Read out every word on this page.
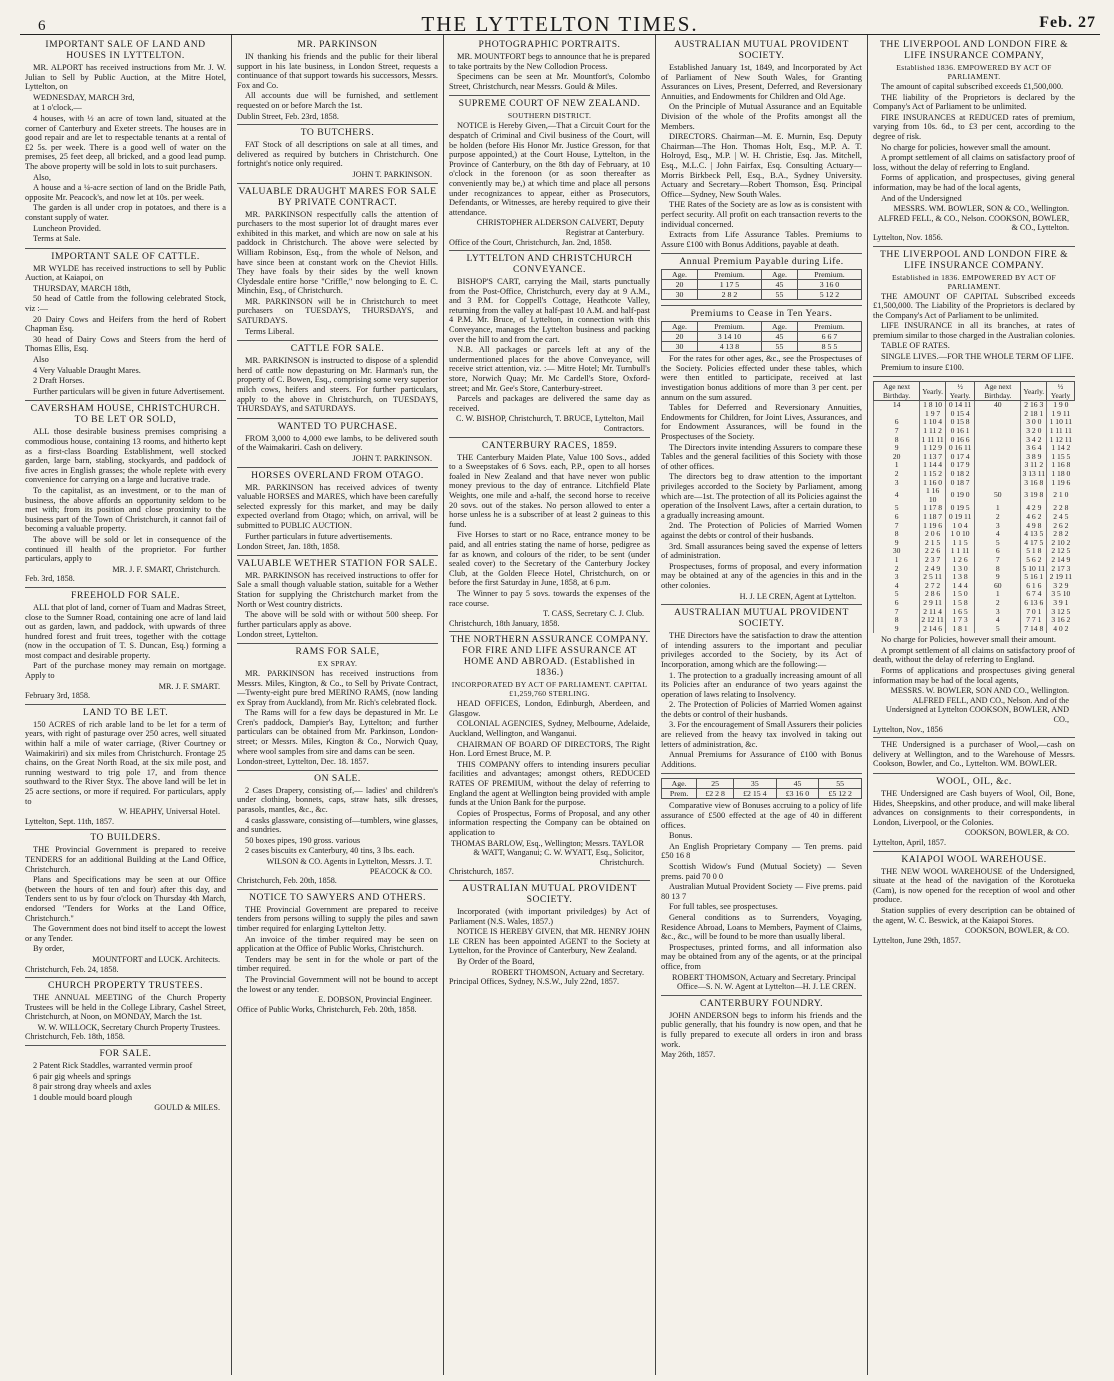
6	THE LYTTELTON TIMES.	Feb. 27
IMPORTANT SALE OF LAND AND HOUSES IN LYTTELTON.

MR. ALPORT has received instructions from Mr. J. W. Julian to Sell by Public Auction, at the Mitre Hotel, Lyttelton, on

WEDNESDAY, MARCH 3rd,

at 1 o'clock,—

4 houses, with ½ an acre of town land, situated at the corner of Canterbury and Exeter streets. The houses are in good repair and are let to respectable tenants at a rental of £2 5s. per week. There is a good well of water on the premises, 25 feet deep, all bricked, and a good lead pump. The above property will be sold in lots to suit purchasers.

Also,

A house and a ¼-acre section of land on the Bridle Path, opposite Mr. Peacock's, and now let at 10s. per week.

The garden is all under crop in potatoes, and there is a constant supply of water.

Luncheon Provided.

Terms at Sale.

IMPORTANT SALE OF CATTLE.

MR WYLDE has received instructions to sell by Public Auction, at Kaiapoi, on

THURSDAY, MARCH 18th,

50 head of Cattle from the following celebrated Stock, viz :—

20 Dairy Cows and Heifers from the herd of Robert Chapman Esq.

30 head of Dairy Cows and Steers from the herd of Thomas Ellis, Esq.

Also

4 Very Valuable Draught Mares.

2 Draft Horses.

Further particulars will be given in future Advertisement.

CAVERSHAM HOUSE, CHRISTCHURCH. TO BE LET OR SOLD,

ALL those desirable business premises comprising a commodious house, containing 13 rooms, and hitherto kept as a first-class Boarding Establishment, well stocked garden, large barn, stabling, stockyards, and paddock of five acres in English grasses; the whole replete with every convenience for carrying on a large and lucrative trade.

To the capitalist, as an investment, or to the man of business, the above affords an opportunity seldom to be met with; from its position and close proximity to the business part of the Town of Christchurch, it cannot fail of becoming a valuable property.

The above will be sold or let in consequence of the continued ill health of the proprietor. For further particulars, apply to

MR. J. F. SMART, Christchurch.
Feb. 3rd, 1858.
FREEHOLD FOR SALE.

ALL that plot of land, corner of Tuam and Madras Street, close to the Sumner Road, containing one acre of land laid out as garden, lawn, and paddock, with upwards of three hundred forest and fruit trees, together with the cottage (now in the occupation of T. S. Duncan, Esq.) forming a most compact and desirable property.

Part of the purchase money may remain on mortgage. Apply to

MR. J. F. SMART.
February 3rd, 1858.
LAND TO BE LET.

150 ACRES of rich arable land to be let for a term of years, with right of pasturage over 250 acres, well situated within half a mile of water carriage, (River Courtney or Waimakiriri) and six miles from Christchurch. Frontage 25 chains, on the Great North Road, at the six mile post, and running westward to trig pole 17, and from thence southward to the River Styx. The above land will be let in 25 acre sections, or more if required. For particulars, apply to

W. HEAPHY, Universal Hotel.
Lyttelton, Sept. 11th, 1857.
TO BUILDERS.

THE Provincial Government is prepared to receive TENDERS for an additional Building at the Land Office, Christchurch.

Plans and Specifications may be seen at our Office (between the hours of ten and four) after this day, and Tenders sent to us by four o'clock on Thursday 4th March, endorsed "Tenders for Works at the Land Office, Christchurch."

The Government does not bind itself to accept the lowest or any Tender.

By order,

MOUNTFORT and LUCK. Architects.
Christchurch, Feb. 24, 1858.
CHURCH PROPERTY TRUSTEES.

THE ANNUAL MEETING of the Church Property Trustees will be held in the College Library, Cashel Street, Christchurch, at Noon, on MONDAY, March the 1st.

W. W. WILLOCK, Secretary Church Property Trustees.
Christchurch, Feb. 18th, 1858.
FOR SALE.

2 Patent Rick Staddles, warranted vermin proof

6 pair gig wheels and springs

8 pair strong dray wheels and axles

1 double mould board plough

GOULD & MILES.
MR. PARKINSON

IN thanking his friends and the public for their liberal support in his late business, in London Street, requests a continuance of that support towards his successors, Messrs. Fox and Co.

All accounts due will be furnished, and settlement requested on or before March the 1st.

Dublin Street, Feb. 23rd, 1858.
TO BUTCHERS.

FAT Stock of all descriptions on sale at all times, and delivered as required by butchers in Christchurch. One fortnight's notice only required.

JOHN T. PARKINSON.
VALUABLE DRAUGHT MARES FOR SALE BY PRIVATE CONTRACT.

MR. PARKINSON respectfully calls the attention of purchasers to the most superior lot of draught mares ever exhibited in this market, and which are now on sale at his paddock in Christchurch. The above were selected by William Robinson, Esq., from the whole of Nelson, and have since been at constant work on the Cheviot Hills. They have foals by their sides by the well known Clydesdale entire horse "Criffle," now belonging to E. C. Minchin, Esq., of Christchurch.

MR. PARKINSON will be in Christchurch to meet purchasers on TUESDAYS, THURSDAYS, and SATURDAYS.

Terms Liberal.

CATTLE FOR SALE.

MR. PARKINSON is instructed to dispose of a splendid herd of cattle now depasturing on Mr. Harman's run, the property of C. Bowen, Esq., comprising some very superior milch cows, heifers and steers. For further particulars, apply to the above in Christchurch, on TUESDAYS, THURSDAYS, and SATURDAYS.

WANTED TO PURCHASE.

FROM 3,000 to 4,000 ewe lambs, to be delivered south of the Waimakariri. Cash on delivery.

JOHN T. PARKINSON.
HORSES OVERLAND FROM OTAGO.

MR. PARKINSON has received advices of twenty valuable HORSES and MARES, which have been carefully selected expressly for this market, and may be daily expected overland from Otago; which, on arrival, will be submitted to PUBLIC AUCTION.

Further particulars in future advertisements.

London Street, Jan. 18th, 1858.
VALUABLE WETHER STATION FOR SALE.

MR. PARKINSON has received instructions to offer for Sale a small though valuable station, suitable for a Wether Station for supplying the Christchurch market from the North or West country districts.

The above will be sold with or without 500 sheep. For further particulars apply as above.

London street, Lyttelton.
RAMS FOR SALE,
EX SPRAY.

MR. PARKINSON has received instructions from Messrs. Miles, Kington, & Co., to Sell by Private Contract, —Twenty-eight pure bred MERINO RAMS, (now landing ex Spray from Auckland), from Mr. Rich's celebrated flock.

The Rams will for a few days be depastured in Mr. Le Cren's paddock, Dampier's Bay, Lyttelton; and further particulars can be obtained from Mr. Parkinson, London-street; or Messrs. Miles, Kington & Co., Norwich Quay, where wool samples from sire and dams can be seen.

London-street, Lyttelton, Dec. 18. 1857.
ON SALE.

2 Cases Drapery, consisting of,— ladies' and children's under clothing, bonnets, caps, straw hats, silk dresses, parasols, mantles, &c., &c.

4 casks glassware, consisting of—tumblers, wine glasses, and sundries.

50 boxes pipes, 190 gross. various

2 cases biscuits ex Canterbury, 40 tins, 3 lbs. each.

WILSON & CO. Agents in Lyttelton, Messrs. J. T. PEACOCK & CO.
Christchurch, Feb. 20th, 1858.
NOTICE TO SAWYERS AND OTHERS.

THE Provincial Government are prepared to receive tenders from persons willing to supply the piles and sawn timber required for enlarging Lyttelton Jetty.

An invoice of the timber required may be seen on application at the Office of Public Works, Christchurch.

Tenders may be sent in for the whole or part of the timber required.

The Provincial Government will not be bound to accept the lowest or any tender.

E. DOBSON, Provincial Engineer.
Office of Public Works, Christchurch, Feb. 20th, 1858.
PHOTOGRAPHIC PORTRAITS.

MR. MOUNTFORT begs to announce that he is prepared to take portraits by the New Collodion Process.

Specimens can be seen at Mr. Mountfort's, Colombo Street, Christchurch, near Messrs. Gould & Miles.

SUPREME COURT OF NEW ZEALAND.
SOUTHERN DISTRICT.

NOTICE is Hereby Given,—That a Circuit Court for the despatch of Criminal and Civil business of the Court, will be holden (before His Honor Mr. Justice Gresson, for that purpose appointed,) at the Court House, Lyttelton, in the Province of Canterbury, on the 8th day of February, at 10 o'clock in the forenoon (or as soon thereafter as conveniently may be,) at which time and place all persons under recognizances to appear, either as Prosecutors, Defendants, or Witnesses, are hereby required to give their attendance.

CHRISTOPHER ALDERSON CALVERT, Deputy Registrar at Canterbury.
Office of the Court, Christchurch, Jan. 2nd, 1858.
LYTTELTON AND CHRISTCHURCH CONVEYANCE.

BISHOP'S CART, carrying the Mail, starts punctually from the Post-Office, Christchurch, every day at 9 A.M., and 3 P.M. for Coppell's Cottage, Heathcote Valley, returning from the valley at half-past 10 A.M. and half-past 4 P.M. Mr. Bruce, of Lyttelton, in connection with this Conveyance, manages the Lyttelton business and packing over the hill to and from the cart.

N.B. All packages or parcels left at any of the undermentioned places for the above Conveyance, will receive strict attention, viz. :— Mitre Hotel; Mr. Turnbull's store, Norwich Quay; Mr. Mc Cardell's Store, Oxford-street; and Mr. Gee's Store, Canterbury-street.

Parcels and packages are delivered the same day as received.

C. W. BISHOP, Christchurch, T. BRUCE, Lyttelton, Mail Contractors.
CANTERBURY RACES, 1859.

THE Canterbury Maiden Plate, Value 100 Sovs., added to a Sweepstakes of 6 Sovs. each, P.P., open to all horses foaled in New Zealand and that have never won public money previous to the day of entrance. Litchfield Plate Weights, one mile and a-half, the second horse to receive 20 sovs. out of the stakes. No person allowed to enter a horse unless he is a subscriber of at least 2 guineas to this fund.

Five Horses to start or no Race, entrance money to be paid, and all entries stating the name of horse, pedigree as far as known, and colours of the rider, to be sent (under sealed cover) to the Secretary of the Canterbury Jockey Club, at the Golden Fleece Hotel, Christchurch, on or before the first Saturday in June, 1858, at 6 p.m.

The Winner to pay 5 sovs. towards the expenses of the race course.

T. CASS, Secretary C. J. Club.
Christchurch, 18th January, 1858.
THE NORTHERN ASSURANCE COMPANY. FOR FIRE AND LIFE ASSURANCE AT HOME AND ABROAD. (Established in 1836.)
INCORPORATED BY ACT OF PARLIAMENT. CAPITAL £1,259,760 STERLING.

HEAD OFFICES, London, Edinburgh, Aberdeen, and Glasgow.

COLONIAL AGENCIES, Sydney, Melbourne, Adelaide, Auckland, Wellington, and Wanganui.

CHAIRMAN OF BOARD OF DIRECTORS, The Right Hon. Lord Ernest Bruce, M. P.

THIS COMPANY offers to intending insurers peculiar facilities and advantages; amongst others, REDUCED RATES OF PREMIUM, without the delay of referring to England the agent at Wellington being provided with ample funds at the Union Bank for the purpose.

Copies of Prospectus, Forms of Proposal, and any other information respecting the Company can be obtained on application to

THOMAS BARLOW, Esq., Wellington; Messrs. TAYLOR & WATT, Wanganui; C. W. WYATT, Esq., Solicitor, Christchurch.
Christchurch, 1857.
AUSTRALIAN MUTUAL PROVIDENT SOCIETY.

Incorporated (with important priviledges) by Act of Parliament (N.S. Wales, 1857.)

NOTICE IS HEREBY GIVEN, that MR. HENRY JOHN LE CREN has been appointed AGENT to the Society at Lyttelton, for the Province of Canterbury, New Zealand.

By Order of the Board,

ROBERT THOMSON, Actuary and Secretary.
Principal Offices, Sydney, N.S.W., July 22nd, 1857.
AUSTRALIAN MUTUAL PROVIDENT SOCIETY.

Established January 1st, 1849, and Incorporated by Act of Parliament of New South Wales, for Granting Assurances on Lives, Present, Deferred, and Reversionary Annuities, and Endowments for Children and Old Age.

On the Principle of Mutual Assurance and an Equitable Division of the whole of the Profits amongst all the Members.

DIRECTORS. Chairman—M. E. Murnin, Esq. Deputy Chairman—The Hon. Thomas Holt, Esq., M.P. A. T. Holroyd, Esq., M.P. | W. H. Christie, Esq. Jas. Mitchell, Esq., M.L.C. | John Fairfax, Esq. Consulting Actuary—Morris Birkbeck Pell, Esq., B.A., Sydney University. Actuary and Secretary—Robert Thomson, Esq. Principal Office—Sydney, New South Wales.

THE Rates of the Society are as low as is consistent with perfect security. All profit on each transaction reverts to the individual concerned.

Extracts from Life Assurance Tables. Premiums to Assure £100 with Bonus Additions, payable at death.

Annual Premium Payable during Life.
Age.	Premium.	Age.	Premium.
20	1 17 5	45	3 16 0
30	2 8 2	55	5 12 2
Premiums to Cease in Ten Years.
Age.	Premium.	Age.	Premium.
20	3 14 10	45	6 6 7
30	4 13 8	55	8 5 5

For the rates for other ages, &c., see the Prospectuses of the Society. Policies effected under these tables, which were then entitled to participate, received at last investigation bonus additions of more than 3 per cent. per annum on the sum assured.

Tables for Deferred and Reversionary Annuities, Endowments for Children, for Joint Lives, Assurances, and for Endowment Assurances, will be found in the Prospectuses of the Society.

The Directors invite intending Assurers to compare these Tables and the general facilities of this Society with those of other offices.

The directors beg to draw attention to the important privileges accorded to the Society by Parliament, among which are—1st. The protection of all its Policies against the operation of the Insolvent Laws, after a certain duration, to a gradually increasing amount.

2nd. The Protection of Policies of Married Women against the debts or control of their husbands.

3rd. Small assurances being saved the expense of letters of administration.

Prospectuses, forms of proposal, and every information may be obtained at any of the agencies in this and in the other colonies.

H. J. LE CREN, Agent at Lyttelton.
AUSTRALIAN MUTUAL PROVIDENT SOCIETY.

THE Directors have the satisfaction to draw the attention of intending assurers to the important and peculiar privileges accorded to the Society, by its Act of Incorporation, among which are the following:—

1. The protection to a gradually increasing amount of all its Policies after an endurance of two years against the operation of laws relating to Insolvency.

2. The Protection of Policies of Married Women against the debts or control of their husbands.

3. For the encouragement of Small Assurers their policies are relieved from the heavy tax involved in taking out letters of administration, &c.

Annual Premiums for Assurance of £100 with Bonus Additions.

Age.	25	35	45	55
Prem.	£2 2 8	£2 15 4	£3 16 0	£5 12 2

Comparative view of Bonuses accruing to a policy of life assurance of £500 effected at the age of 40 in different offices.

Bonus.

An English Proprietary Company — Ten prems. paid £50 16 8

Scottish Widow's Fund (Mutual Society) — Seven prems. paid 70 0 0

Australian Mutual Provident Society — Five prems. paid 80 13 7

For full tables, see prospectuses.

General conditions as to Surrenders, Voyaging, Residence Abroad, Loans to Members, Payment of Claims, &c., &c., will be found to be more than usually liberal.

Prospectuses, printed forms, and all information also may be obtained from any of the agents, or at the principal office, from

ROBERT THOMSON, Actuary and Secretary. Principal Office—S. N. W. Agent at Lyttelton—H. J. LE CREN.
CANTERBURY FOUNDRY.

JOHN ANDERSON begs to inform his friends and the public generally, that his foundry is now open, and that he is fully prepared to execute all orders in iron and brass work.

May 26th, 1857.
THE LIVERPOOL AND LONDON FIRE & LIFE INSURANCE COMPANY,
Established 1836. EMPOWERED BY ACT OF PARLIAMENT.

The amount of capital subscribed exceeds £1,500,000.

THE liability of the Proprietors is declared by the Company's Act of Parliament to be unlimited.

FIRE INSURANCES at REDUCED rates of premium, varying from 10s. 6d., to £3 per cent, according to the degree of risk.

No charge for policies, however small the amount.

A prompt settlement of all claims on satisfactory proof of loss, without the delay of referring to England.

Forms of application, and prospectuses, giving general information, may be had of the local agents,

And of the Undersigned

MESSRS. WM. BOWLER, SON & CO., Wellington. ALFRED FELL, & CO., Nelson. COOKSON, BOWLER, & CO., Lyttelton.
Lyttelton, Nov. 1856.
THE LIVERPOOL AND LONDON FIRE & LIFE INSURANCE COMPANY.
Established in 1836. EMPOWERED BY ACT OF PARLIAMENT.

THE AMOUNT OF CAPITAL Subscribed exceeds £1,500,000. The Liability of the Proprietors is declared by the Company's Act of Parliament to be unlimited.

LIFE INSURANCE in all its branches, at rates of premium similar to those charged in the Australian colonies.

TABLE OF RATES.

SINGLE LIVES.—FOR THE WHOLE TERM OF LIFE.

Premium to insure £100.

Age next Birthday.	Yearly.	½ Yearly.	Age next Birthday.	Yearly.	½ Yearly
14	1 8 10	0 14 11	40	2 16 3	1 9 0
	1 9 7	0 15 4		2 18 1	1 9 11
6	1 10 4	0 15 8		3 0 0	1 10 11
7	1 11 2	0 16 1		3 2 0	1 11 11
8	1 11 11	0 16 6		3 4 2	1 12 11
9	1 12 9	0 16 11		3 6 4	1 14 2
20	1 13 7	0 17 4		3 8 9	1 15 5
1	1 14 4	0 17 9		3 11 2	1 16 8
2	1 15 2	0 18 2		3 13 11	1 18 0
3	1 16 0	0 18 7		3 16 8	1 19 6
4	1 16 10	0 19 0	50	3 19 8	2 1 0
5	1 17 8	0 19 5	1	4 2 9	2 2 8
6	1 18 7	0 19 11	2	4 6 2	2 4 5
7	1 19 6	1 0 4	3	4 9 8	2 6 2
8	2 0 6	1 0 10	4	4 13 5	2 8 2
9	2 1 5	1 1 5	5	4 17 5	2 10 2
30	2 2 6	1 1 11	6	5 1 8	2 12 5
1	2 3 7	1 2 6	7	5 6 2	2 14 9
2	2 4 9	1 3 0	8	5 10 11	2 17 3
3	2 5 11	1 3 8	9	5 16 1	2 19 11
4	2 7 2	1 4 4	60	6 1 6	3 2 9
5	2 8 6	1 5 0	1	6 7 4	3 5 10
6	2 9 11	1 5 8	2	6 13 6	3 9 1
7	2 11 4	1 6 5	3	7 0 1	3 12 5
8	2 12 11	1 7 3	4	7 7 1	3 16 2
9	2 14 6	1 8 1	5	7 14 8	4 0 2

No charge for Policies, however small their amount.

A prompt settlement of all claims on satisfactory proof of death, without the delay of referring to England.

Forms of applications and prospectuses giving general information may be had of the local agents,

MESSRS. W. BOWLER, SON AND CO., Wellington. ALFRED FELL, AND CO., Nelson. And of the Undersigned at Lyttelton COOKSON, BOWLER, AND CO.,
Lyttelton, Nov., 1856

THE Undersigned is a purchaser of Wool,—cash on delivery at Wellington, and to the Warehouse of Messrs. Cookson, Bowler, and Co., Lyttelton. WM. BOWLER.

WOOL, OIL, &c.

THE Undersigned are Cash buyers of Wool, Oil, Bone, Hides, Sheepskins, and other produce, and will make liberal advances on consignments to their correspondents, in London, Liverpool, or the Colonies.

COOKSON, BOWLER, & CO.
Lyttelton, April, 1857.
KAIAPOI WOOL WAREHOUSE.

THE NEW WOOL WAREHOUSE of the Undersigned, situate at the head of the navigation of the Korotueka (Cam), is now opened for the reception of wool and other produce.

Station supplies of every description can be obtained of the agent, W. C. Beswick, at the Kaiapoi Stores.

COOKSON, BOWLER, & CO.
Lyttelton, June 29th, 1857.
